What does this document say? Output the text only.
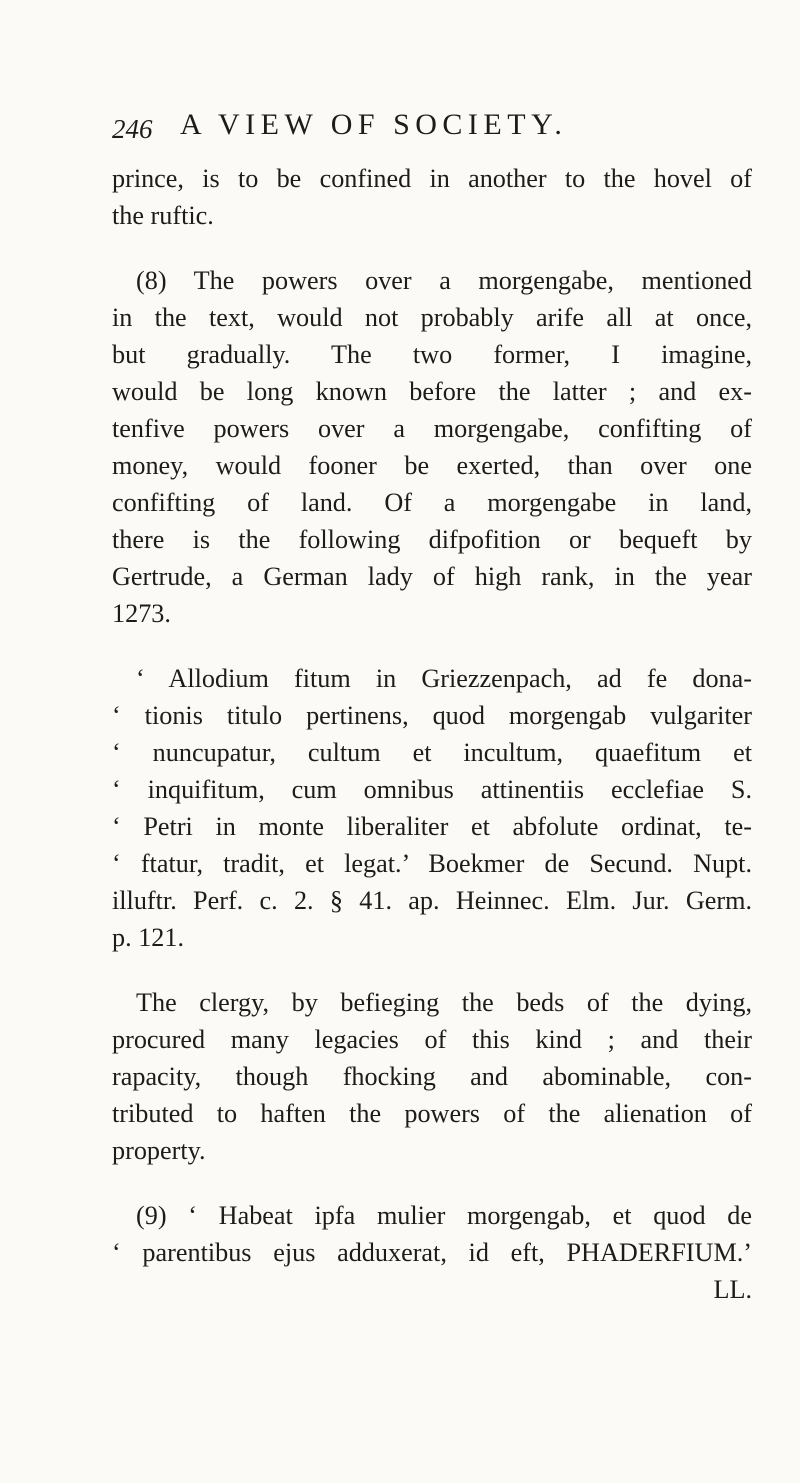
246 A VIEW OF SOCIETY.
prince, is to be confined in another to the hovel of
the ruftic.
(8) The powers over a morgengabe, mentioned
in the text, would not probably arife all at once,
but gradually. The two former, I imagine,
would be long known before the latter ; and ex-
tenfive powers over a morgengabe, confifting of
money, would fooner be exerted, than over one
confifting of land. Of a morgengabe in land,
there is the following difpofition or bequeft by
Gertrude, a German lady of high rank, in the year
1273.
‘ Allodium fitum in Griezzenpach, ad fe dona-
‘ tionis titulo pertinens, quod morgengab vulgariter
‘ nuncupatur, cultum et incultum, quaefitum et
‘ inquifitum, cum omnibus attinentiis ecclefiae S.
‘ Petri in monte liberaliter et abfolute ordinat, te-
‘ ftatur, tradit, et legat.’ Boekmer de Secund. Nupt.
illuftr. Perf. c. 2. § 41. ap. Heinnec. Elm. Jur. Germ.
p. 121.
The clergy, by befieging the beds of the dying,
procured many legacies of this kind ; and their
rapacity, though fhocking and abominable, con-
tributed to haften the powers of the alienation of
property.
(9) ‘ Habeat ipfa mulier morgengab, et quod de
‘ parentibus ejus adduxerat, id eft, PHADERFIUM.’
LL.
